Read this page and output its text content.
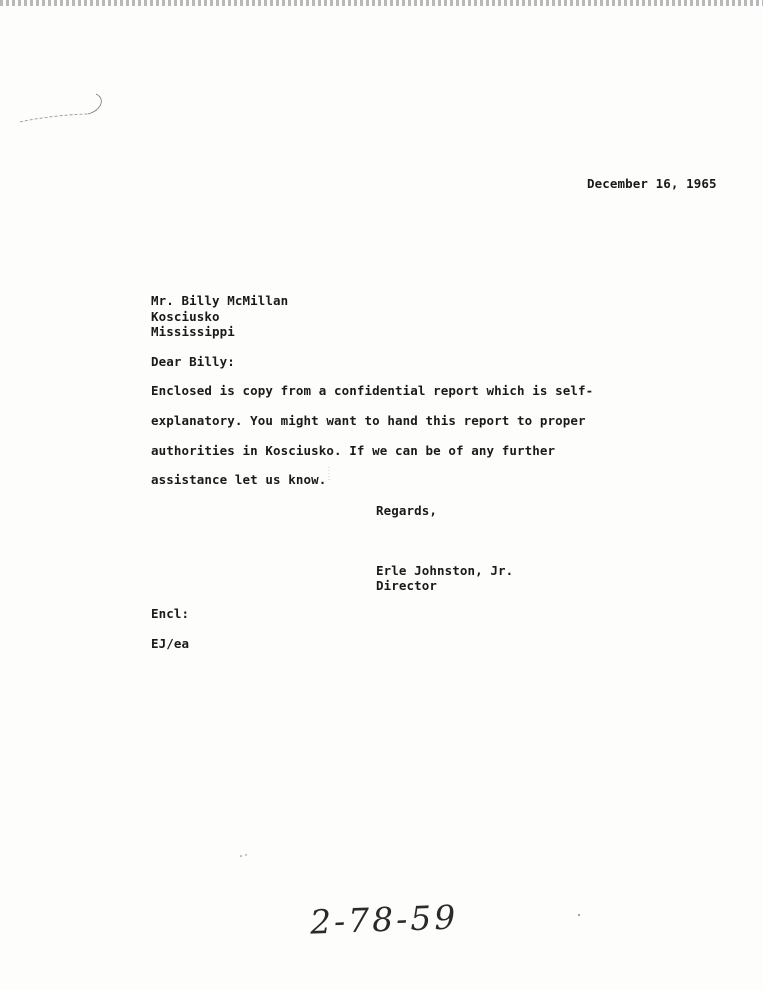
December 16, 1965
Mr. Billy McMillan
Kosciusko
Mississippi
Dear Billy:
Enclosed is copy from a confidential report which is self-
explanatory. You might want to hand this report to proper
authorities in Kosciusko. If we can be of any further
assistance let us know.
Regards,
Erle Johnston, Jr.
Director
Encl:
EJ/ea
2-78-59
